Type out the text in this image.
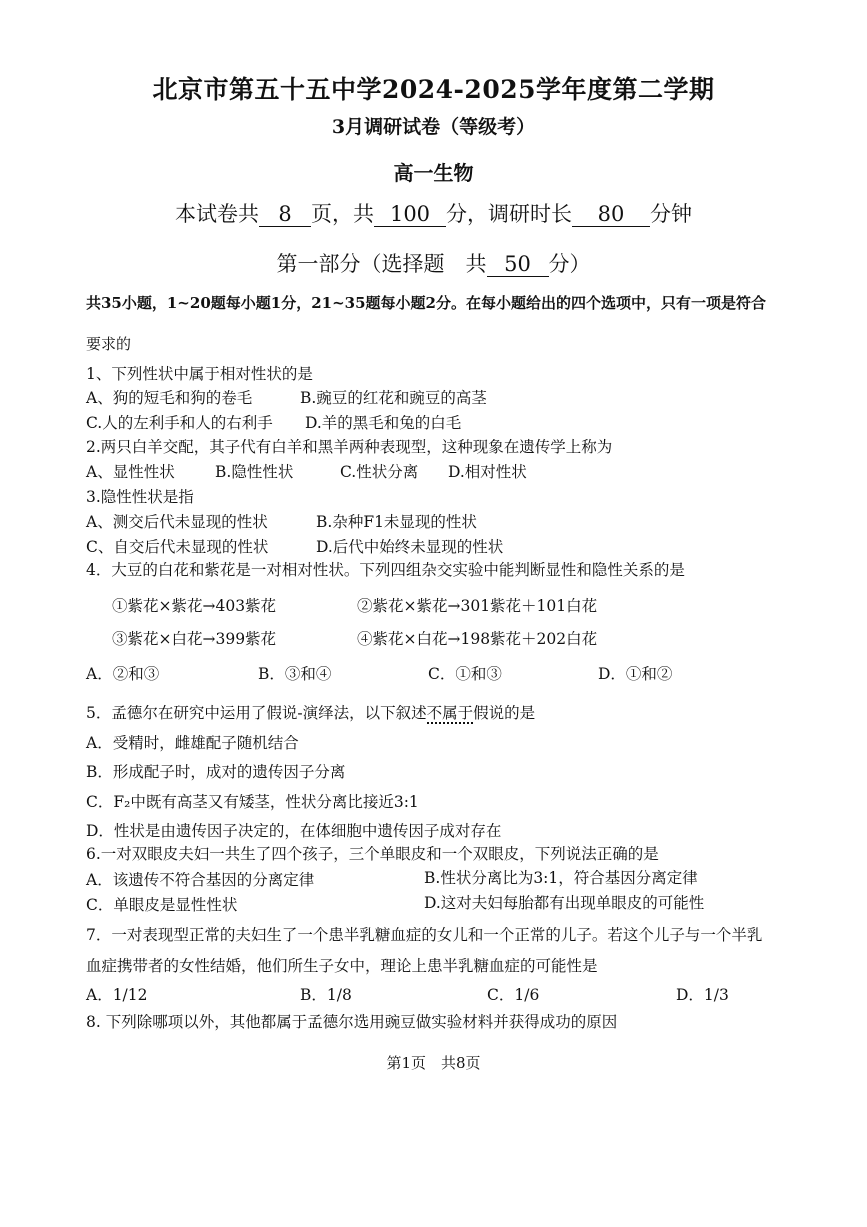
北京市第五十五中学2024-2025学年度第二学期
3月调研试卷（等级考）
高一生物
本试卷共 8 页，共 100 分，调研时长 80 分钟
第一部分（选择题　共 50 分）
共35小题，1~20题每小题1分，21~35题每小题2分。在每小题给出的四个选项中，只有一项是符合
要求的
1、下列性状中属于相对性状的是
A、狗的短毛和狗的卷毛	B.豌豆的红花和豌豆的高茎
C.人的左利手和人的右利手 D.羊的黑毛和兔的白毛
2.两只白羊交配，其子代有白羊和黑羊两种表现型，这种现象在遗传学上称为
A、显性性状	B.隐性性状	C.性状分离 D.相对性状
3.隐性性状是指
A、测交后代未显现的性状	B.杂种F1未显现的性状
C、自交后代未显现的性状	D.后代中始终未显现的性状
4．大豆的白花和紫花是一对相对性状。下列四组杂交实验中能判断显性和隐性关系的是
①紫花×紫花→403紫花	②紫花×紫花→301紫花＋101白花
③紫花×白花→399紫花	④紫花×白花→198紫花＋202白花
A．②和③	B．③和④	C．①和③	D．①和②
5．孟德尔在研究中运用了假说-演绎法，以下叙述不属于假说的是
A．受精时，雌雄配子随机结合
B．形成配子时，成对的遗传因子分离
C．F₂中既有高茎又有矮茎，性状分离比接近3:1
D．性状是由遗传因子决定的，在体细胞中遗传因子成对存在
6.一对双眼皮夫妇一共生了四个孩子，三个单眼皮和一个双眼皮，下列说法正确的是
A．该遗传不符合基因的分离定律	B.性状分离比为3:1，符合基因分离定律
C．单眼皮是显性性状	D.这对夫妇每胎都有出现单眼皮的可能性
7．一对表现型正常的夫妇生了一个患半乳糖血症的女儿和一个正常的儿子。若这个儿子与一个半乳
血症携带者的女性结婚，他们所生子女中，理论上患半乳糖血症的可能性是
A．1/12	B．1/8	C．1/6	D．1/3
8. 下列除哪项以外，其他都属于孟德尔选用豌豆做实验材料并获得成功的原因
第1页　共8页
